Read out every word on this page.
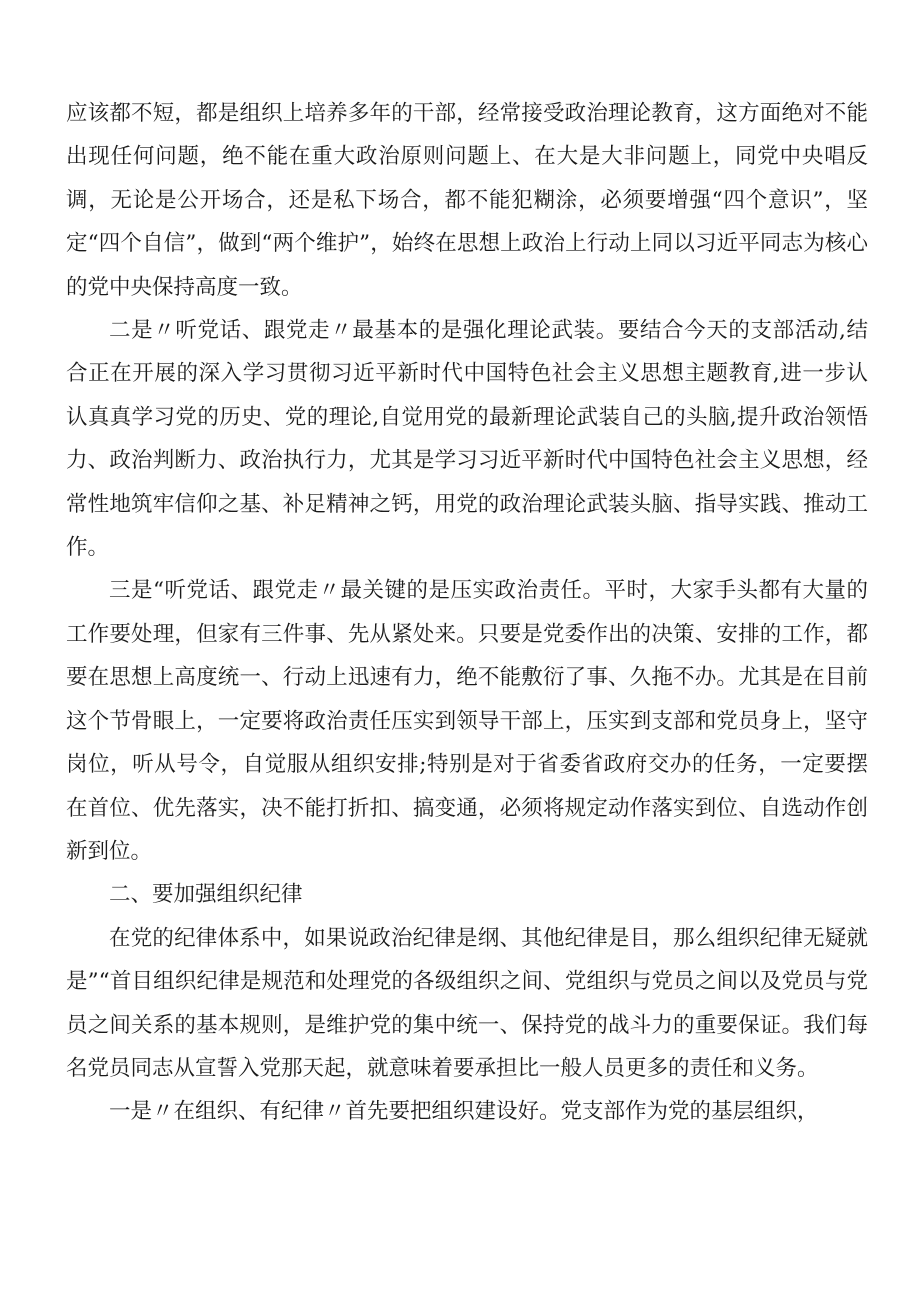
应该都不短，都是组织上培养多年的干部，经常接受政治理论教育，这方面绝对不能出现任何问题，绝不能在重大政治原则问题上、在大是大非问题上，同党中央唱反调，无论是公开场合，还是私下场合，都不能犯糊涂，必须要增强“四个意识”，坚定“四个自信”，做到“两个维护”，始终在思想上政治上行动上同以习近平同志为核心的党中央保持高度一致。

二是〃听党话、跟党走〃最基本的是强化理论武装。要结合今天的支部活动,结合正在开展的深入学习贯彻习近平新时代中国特色社会主义思想主题教育,进一步认认真真学习党的历史、党的理论,自觉用党的最新理论武装自己的头脑,提升政治领悟力、政治判断力、政治执行力，尤其是学习习近平新时代中国特色社会主义思想，经常性地筑牢信仰之基、补足精神之钙，用党的政治理论武装头脑、指导实践、推动工作。

三是“听党话、跟党走〃最关键的是压实政治责任。平时，大家手头都有大量的工作要处理，但家有三件事、先从紧处来。只要是党委作出的决策、安排的工作，都要在思想上高度统一、行动上迅速有力，绝不能敷衍了事、久拖不办。尤其是在目前这个节骨眼上，一定要将政治责任压实到领导干部上，压实到支部和党员身上，坚守岗位，听从号令，自觉服从组织安排;特别是对于省委省政府交办的任务，一定要摆在首位、优先落实，决不能打折扣、搞变通，必须将规定动作落实到位、自选动作创新到位。

二、要加强组织纪律

在党的纪律体系中，如果说政治纪律是纲、其他纪律是目，那么组织纪律无疑就是”“首目组织纪律是规范和处理党的各级组织之间、党组织与党员之间以及党员与党员之间关系的基本规则，是维护党的集中统一、保持党的战斗力的重要保证。我们每名党员同志从宣誓入党那天起，就意味着要承担比一般人员更多的责任和义务。

一是〃在组织、有纪律〃首先要把组织建设好。党支部作为党的基层组织，
